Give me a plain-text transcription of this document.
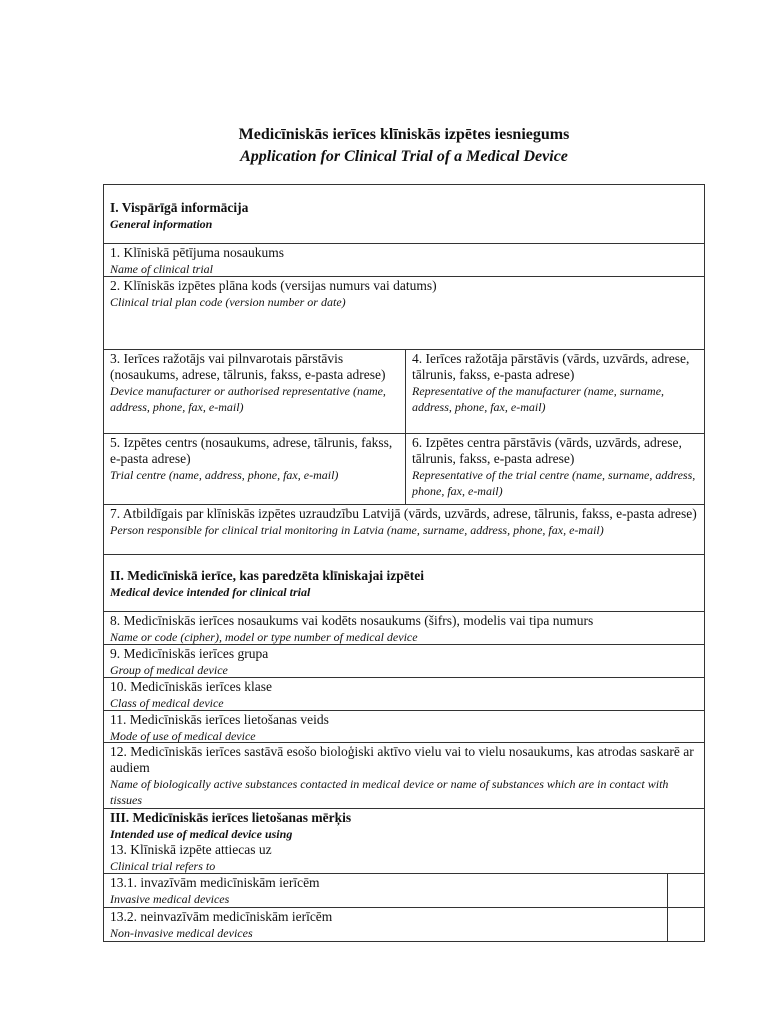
Medicīniskās ierīces klīniskās izpētes iesniegums
Application for Clinical Trial of a Medical Device
I. Vispārīgā informācija
General information
1. Klīniskā pētījuma nosaukums
Name of clinical trial
2. Klīniskās izpētes plāna kods (versijas numurs vai datums)
Clinical trial plan code (version number or date)
3. Ierīces ražotājs vai pilnvarotais pārstāvis (nosaukums, adrese, tālrunis, fakss, e-pasta adrese)
Device manufacturer or authorised representative (name, address, phone, fax, e-mail)
4. Ierīces ražotāja pārstāvis (vārds, uzvārds, adrese, tālrunis, fakss, e-pasta adrese)
Representative of the manufacturer (name, surname, address, phone, fax, e-mail)
5. Izpētes centrs (nosaukums, adrese, tālrunis, fakss, e-pasta adrese)
Trial centre (name, address, phone, fax, e-mail)
6. Izpētes centra pārstāvis (vārds, uzvārds, adrese, tālrunis, fakss, e-pasta adrese)
Representative of the trial centre (name, surname, address, phone, fax, e-mail)
7. Atbildīgais par klīniskās izpētes uzraudzību Latvijā (vārds, uzvārds, adrese, tālrunis, fakss, e-pasta adrese)
Person responsible for clinical trial monitoring in Latvia (name, surname, address, phone, fax, e-mail)
II. Medicīniskā ierīce, kas paredzēta klīniskajai izpētei
Medical device intended for clinical trial
8. Medicīniskās ierīces nosaukums vai kodēts nosaukums (šifrs), modelis vai tipa numurs
Name or code (cipher), model or type number of medical device
9. Medicīniskās ierīces grupa
Group of medical device
10. Medicīniskās ierīces klase
Class of medical device
11. Medicīniskās ierīces lietošanas veids
Mode of use of medical device
12. Medicīniskās ierīces sastāvā esošo bioloģiski aktīvo vielu vai to vielu nosaukums, kas atrodas saskarē ar audiem
Name of biologically active substances contacted in medical device or name of substances which are in contact with tissues
III. Medicīniskās ierīces lietošanas mērķis
Intended use of medical device using
13. Klīniskā izpēte attiecas uz
Clinical trial refers to
13.1. invazīvām medicīniskām ierīcēm
Invasive medical devices
13.2. neinvazīvām medicīniskām ierīcēm
Non-invasive medical devices
